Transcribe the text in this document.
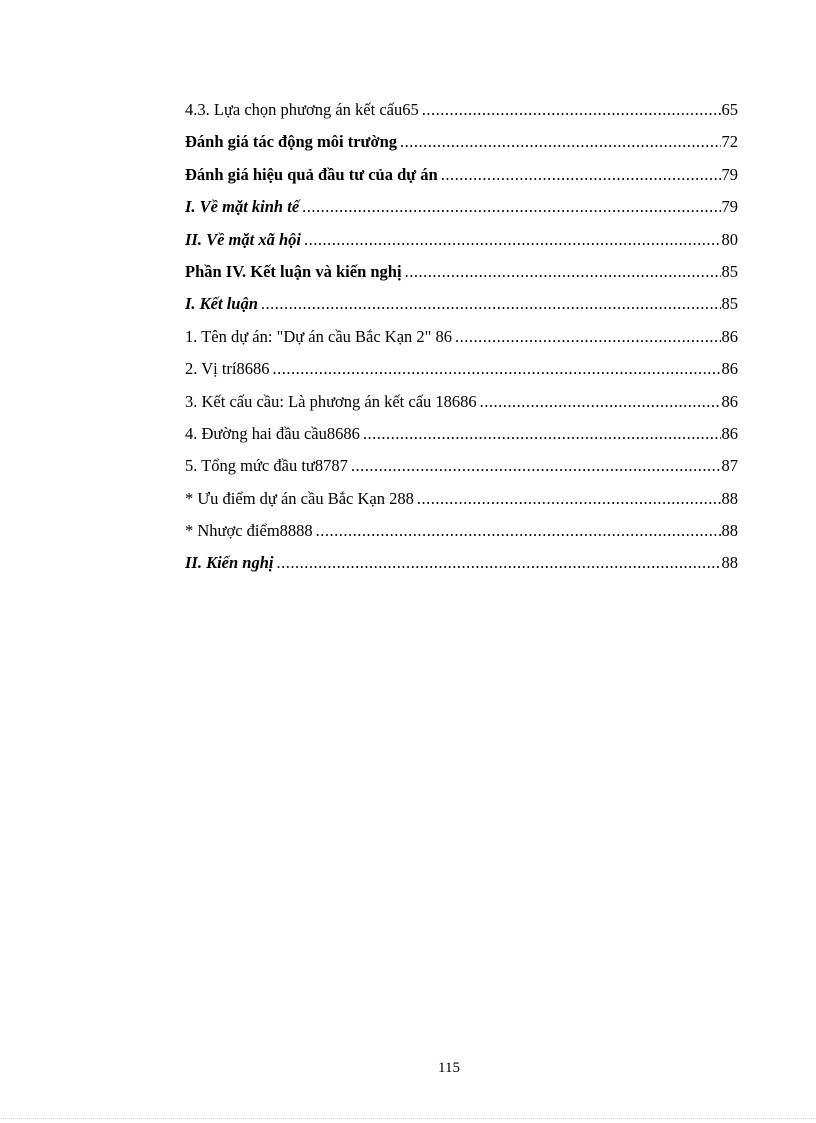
4.3. Lựa chọn phương án kết cấu65 .....	65
Đánh giá tác động môi trường .....	72
Đánh giá hiệu quả đầu tư của dự án .....	79
I. Về mặt kinh tế .....	79
II. Về mặt xã hội .....	80
Phần IV. Kết luận và kiến nghị .....	85
I. Kết luận .....	85
1. Tên dự án: "Dự án cầu Bắc Kạn 2" 86 .....	86
2. Vị trí8686 .....	86
3. Kết cấu cầu: Là phương án kết cấu 18686 .....	86
4. Đường hai đầu cầu8686 .....	86
5. Tổng mức đầu tư8787 .....	87
* Ưu điểm dự án cầu Bắc Kạn 288 .....	88
* Nhược điểm8888 .....	88
II. Kiến nghị .....	88
115
